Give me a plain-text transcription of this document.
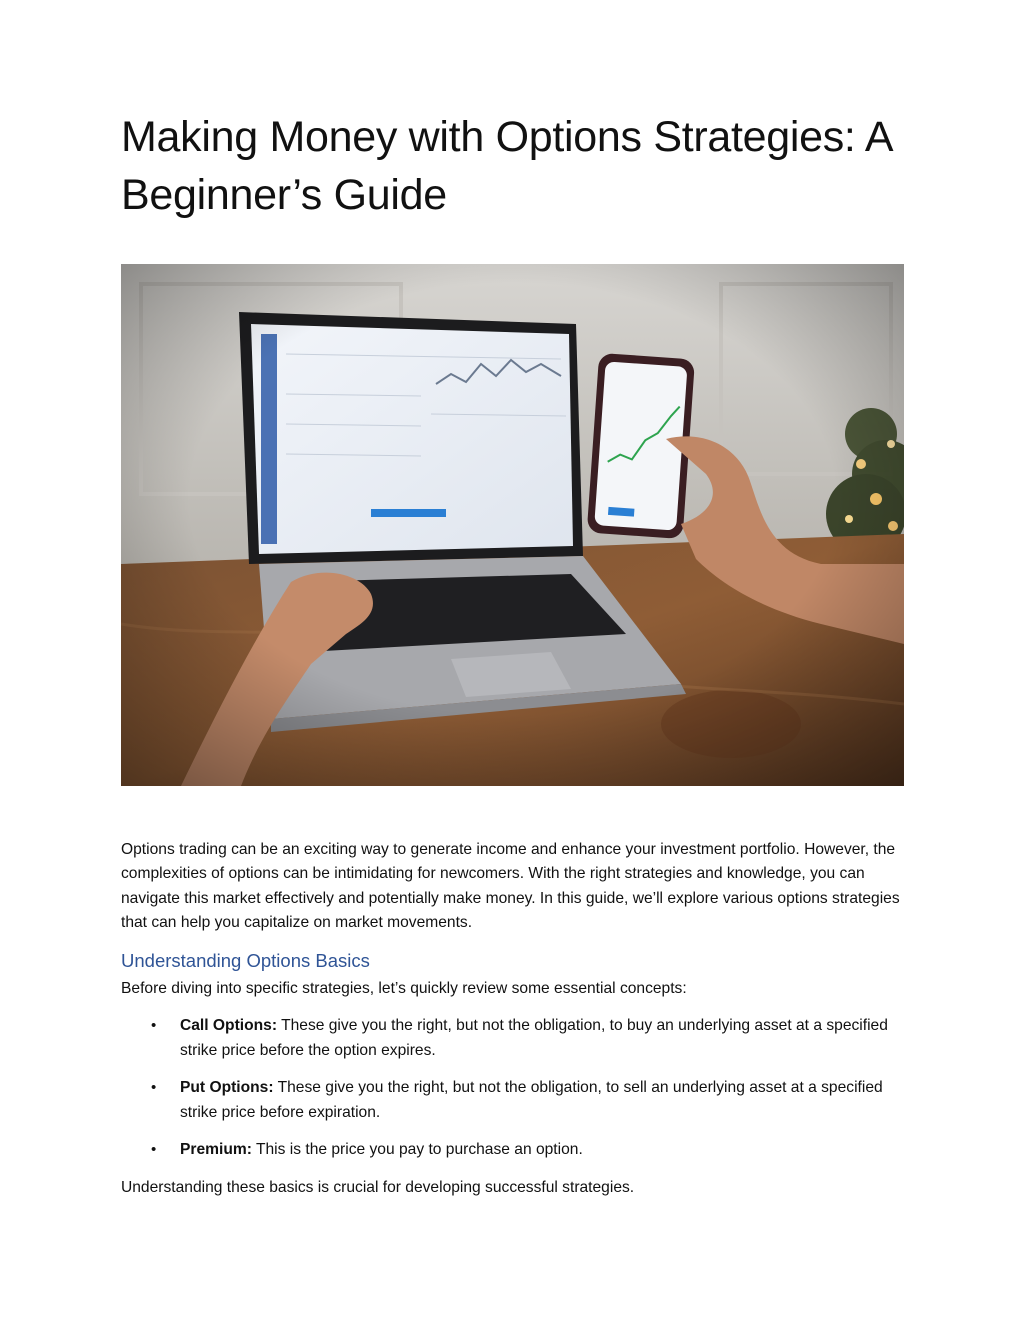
Making Money with Options Strategies: A Beginner’s Guide

Options trading can be an exciting way to generate income and enhance your investment portfolio. However, the complexities of options can be intimidating for newcomers. With the right strategies and knowledge, you can navigate this market effectively and potentially make money. In this guide, we’ll explore various options strategies that can help you capitalize on market movements.

Understanding Options Basics

Before diving into specific strategies, let’s quickly review some essential concepts:

• Call Options: These give you the right, but not the obligation, to buy an underlying asset at a specified strike price before the option expires.
• Put Options: These give you the right, but not the obligation, to sell an underlying asset at a specified strike price before expiration.
• Premium: This is the price you pay to purchase an option.

Understanding these basics is crucial for developing successful strategies.
